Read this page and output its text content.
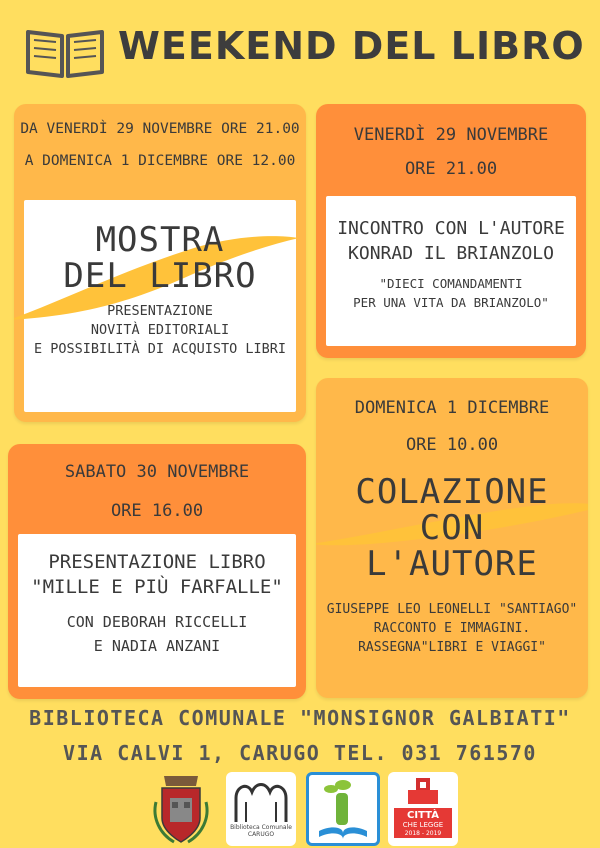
WEEKEND DEL LIBRO
DA VENERDÌ 29 NOVEMBRE ORE 21.00
A DOMENICA 1 DICEMBRE ORE 12.00
MOSTRA
DEL LIBRO
PRESENTAZIONE
NOVITÀ EDITORIALI
E POSSIBILITÀ DI ACQUISTO LIBRI
VENERDÌ 29 NOVEMBRE
ORE 21.00
INCONTRO CON L'AUTORE
KONRAD IL BRIANZOLO
"DIECI COMANDAMENTI
PER UNA VITA DA BRIANZOLO"
SABATO 30 NOVEMBRE
ORE 16.00
PRESENTAZIONE LIBRO
"MILLE E PIÙ FARFALLE"
CON DEBORAH RICCELLI
E NADIA ANZANI
DOMENICA 1 DICEMBRE
ORE 10.00
COLAZIONE
CON L'AUTORE
GIUSEPPE LEO LEONELLI "SANTIAGO"
RACCONTO E IMMAGINI.
RASSEGNA"LIBRI E VIAGGI"
BIBLIOTECA COMUNALE "MONSIGNOR GALBIATI"
VIA CALVI 1, CARUGO TEL. 031 761570
Biblioteca Comunale
CARUGO
CITTÀ
CHE LEGGE
2018 - 2019
